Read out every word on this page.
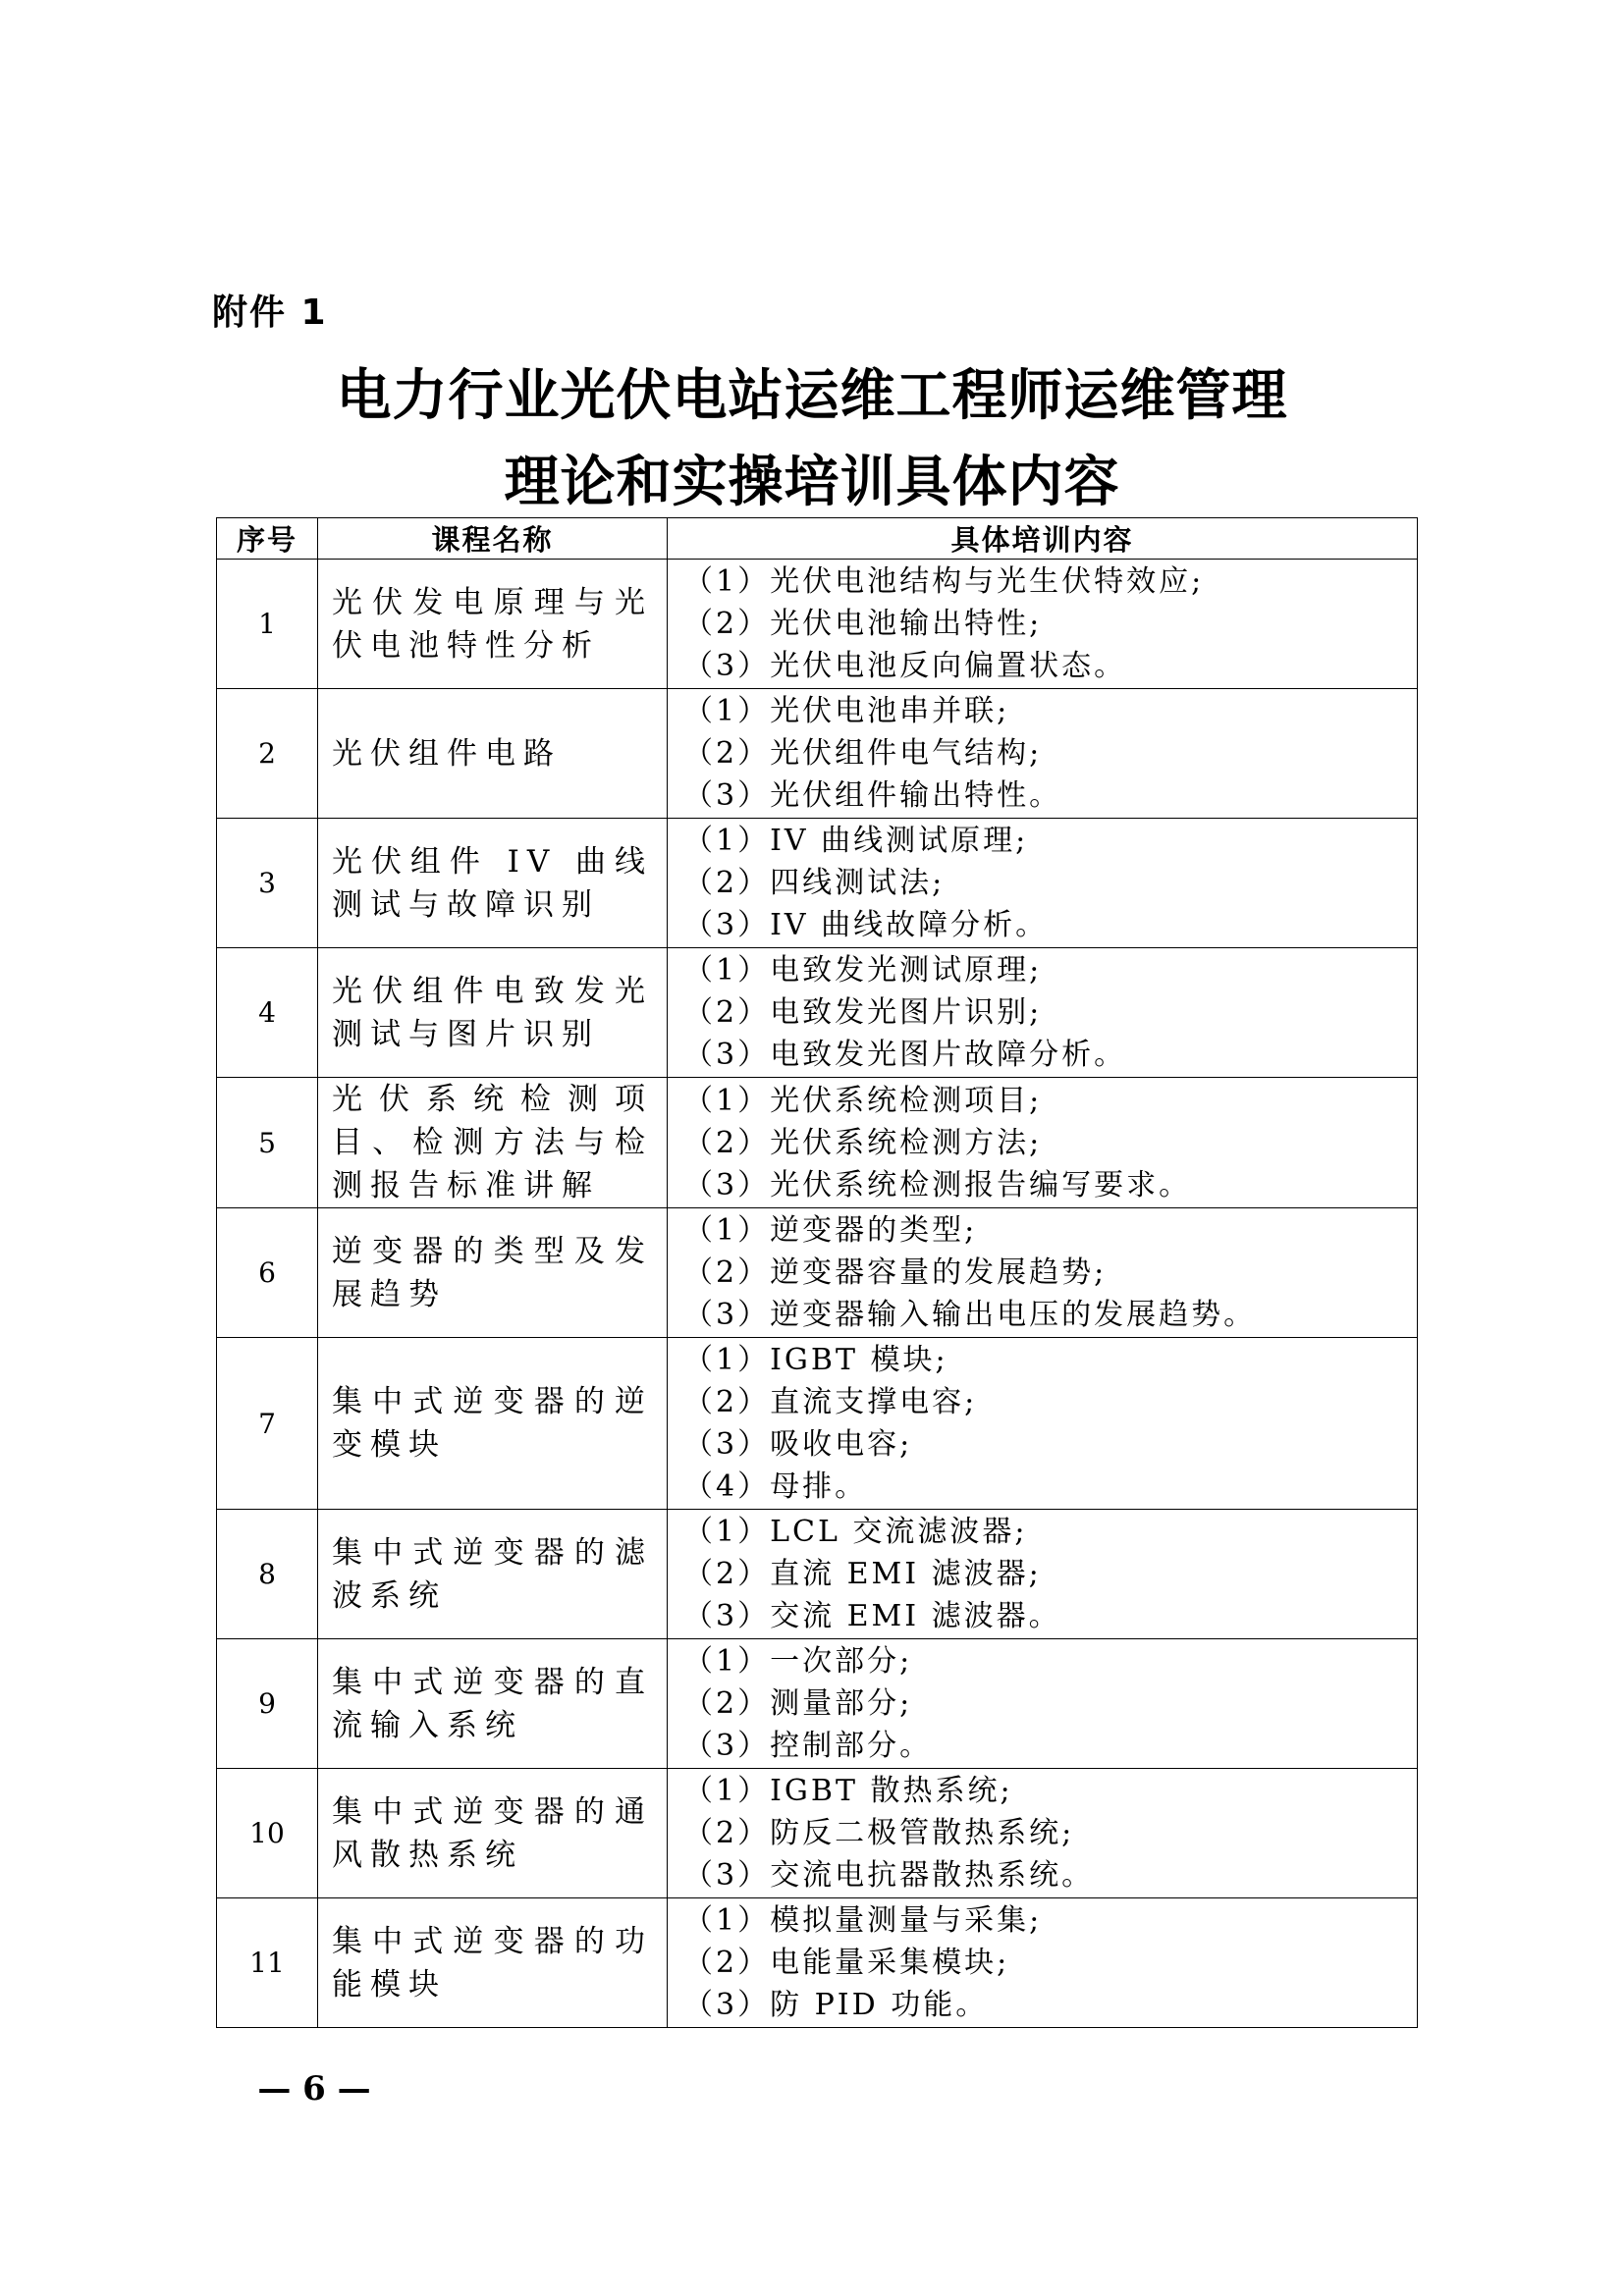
附件 1
电力行业光伏电站运维工程师运维管理
理论和实操培训具体内容
序号	课程名称	具体培训内容
1	光伏发电原理与光伏电池特性分析	（1）光伏电池结构与光生伏特效应;
（2）光伏电池输出特性;
（3）光伏电池反向偏置状态。

2	光伏组件电路	（1）光伏电池串并联;
（2）光伏组件电气结构;
（3）光伏组件输出特性。

3	光伏组件 IV 曲线测试与故障识别	（1）IV 曲线测试原理;
（2）四线测试法;
（3）IV 曲线故障分析。

4	光伏组件电致发光测试与图片识别	（1）电致发光测试原理;
（2）电致发光图片识别;
（3）电致发光图片故障分析。

5	光伏系统检测项目、检测方法与检测报告标准讲解	（1）光伏系统检测项目;
（2）光伏系统检测方法;
（3）光伏系统检测报告编写要求。

6	逆变器的类型及发展趋势	（1）逆变器的类型;
（2）逆变器容量的发展趋势;
（3）逆变器输入输出电压的发展趋势。

7	集中式逆变器的逆变模块	（1）IGBT 模块;
（2）直流支撑电容;
（3）吸收电容;
（4）母排。

8	集中式逆变器的滤波系统	（1）LCL 交流滤波器;
（2）直流 EMI 滤波器;
（3）交流 EMI 滤波器。

9	集中式逆变器的直流输入系统	（1）一次部分;
（2）测量部分;
（3）控制部分。

10	集中式逆变器的通风散热系统	（1）IGBT 散热系统;
（2）防反二极管散热系统;
（3）交流电抗器散热系统。

11	集中式逆变器的功能模块	（1）模拟量测量与采集;
（2）电能量采集模块;
（3）防 PID 功能。
— 6 —
